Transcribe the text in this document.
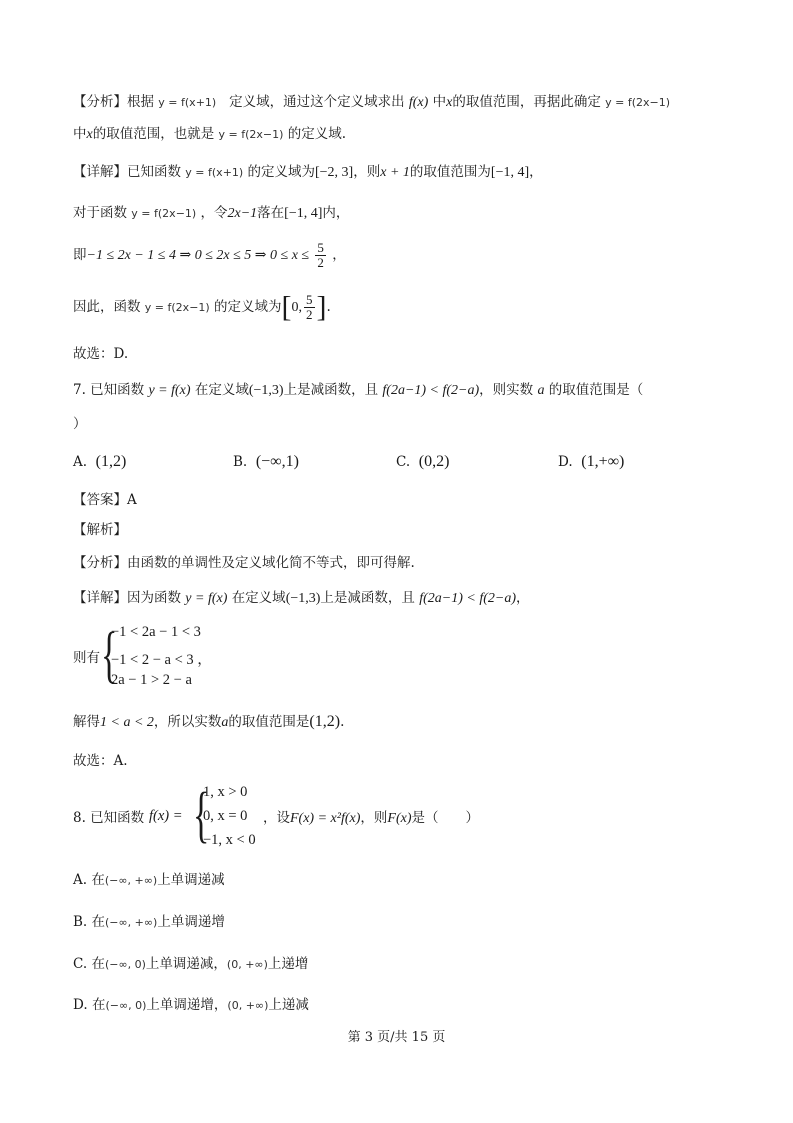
【分析】根据 y = f(x+1) 定义域，通过这个定义域求出 f(x) 中x的取值范围，再据此确定 y = f(2x−1)
中x的取值范围，也就是 y = f(2x−1) 的定义域.
【详解】已知函数 y = f(x+1) 的定义域为[−2, 3]，则x + 1的取值范围为[−1, 4]，
对于函数 y = f(2x−1) ，令2x−1落在[−1, 4]内，
即−1 ≤ 2x − 1 ≤ 4 ⇒ 0 ≤ 2x ≤ 5 ⇒ $0 \le x \le \frac{5}{2}$ ，
因此，函数 y = f(2x−1) 的定义域为[0, $\frac{5}{2}$ ].
故选：D.
7. 已知函数 y = f(x) 在定义域(−1,3)上是减函数，且 f(2a−1) < f(2−a)，则实数 a 的取值范围是（
）
A. (1,2)	B. (−∞,1)	C. (0,2)	D. (1,+∞)
【答案】A
【解析】
【分析】由函数的单调性及定义域化简不等式，即可得解.
【详解】因为函数 y = f(x) 在定义域(−1,3)上是减函数，且 f(2a−1) < f(2−a)，
则有 {
−1 < 2a − 1 < 3
−1 < 2 − a < 3 ，
2a − 1 > 2 − a
解得1 < a < 2，所以实数a的取值范围是(1,2).
故选：A.
8. 已知函数 f(x) = {
1, x > 0
0, x = 0
−1, x < 0
，设F(x) = x²f(x)，则F(x)是（　　）
A. 在(−∞, +∞)上单调递减
B. 在(−∞, +∞)上单调递增
C. 在(−∞, 0)上单调递减，(0, +∞)上递增
D. 在(−∞, 0)上单调递增，(0, +∞)上递减
第 3 页/共 15 页
